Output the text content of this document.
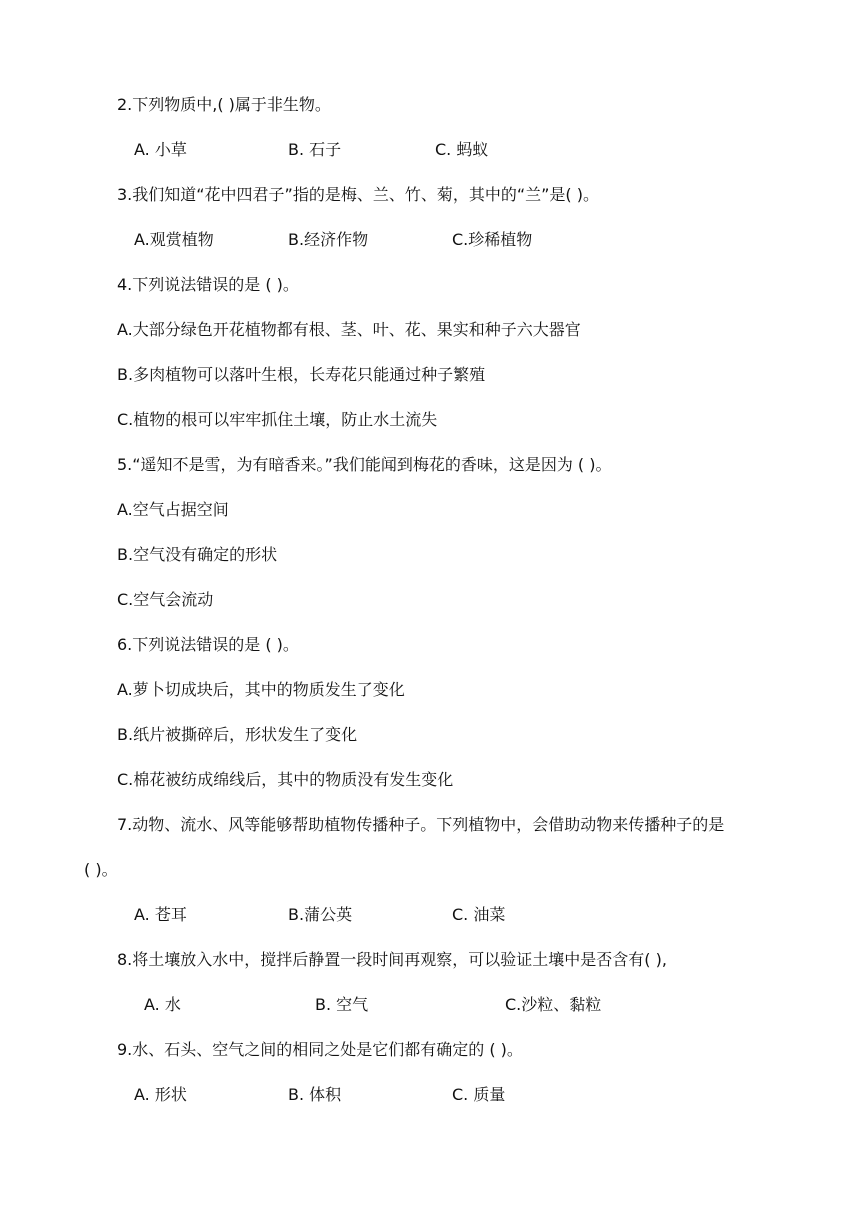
2.下列物质中,( )属于非生物。
A. 小草	B. 石子	C. 蚂蚁
3.我们知道“花中四君子”指的是梅、兰、竹、菊，其中的“兰”是( )。
A.观赏植物	B.经济作物	C.珍稀植物
4.下列说法错误的是 ( )。
A.大部分绿色开花植物都有根、茎、叶、花、果实和种子六大器官
B.多肉植物可以落叶生根，长寿花只能通过种子繁殖
C.植物的根可以牢牢抓住土壤，防止水土流失
5.“遥知不是雪，为有暗香来。”我们能闻到梅花的香味，这是因为 ( )。
A.空气占据空间
B.空气没有确定的形状
C.空气会流动
6.下列说法错误的是 ( )。
A.萝卜切成块后，其中的物质发生了变化
B.纸片被撕碎后，形状发生了变化
C.棉花被纺成绵线后，其中的物质没有发生变化
7.动物、流水、风等能够帮助植物传播种子。下列植物中，会借助动物来传播种子的是
( )。
A. 苍耳	B.蒲公英	C. 油菜
8.将土壤放入水中，搅拌后静置一段时间再观察，可以验证土壤中是否含有( ),
A. 水	B. 空气	C.沙粒、黏粒
9.水、石头、空气之间的相同之处是它们都有确定的 ( )。
A. 形状	B. 体积	C. 质量
